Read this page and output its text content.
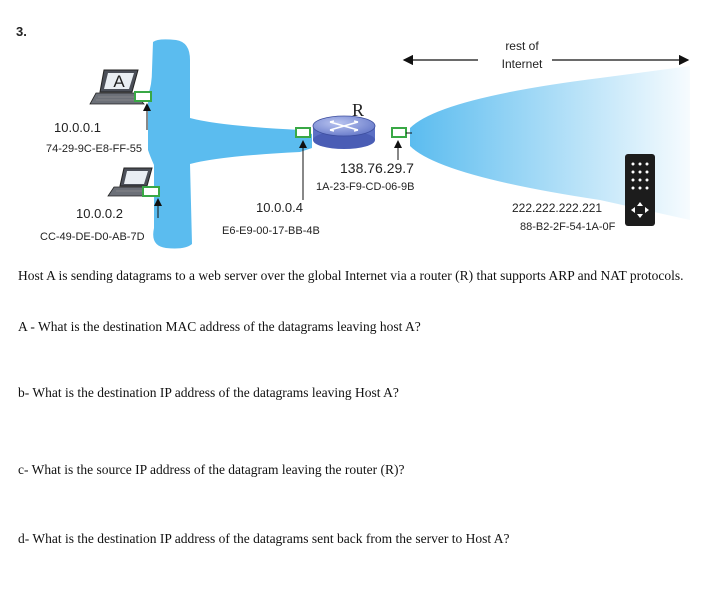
3.
rest of
Internet
A
10.0.0.1
74-29-9C-E8-FF-55
10.0.0.2
CC-49-DE-D0-AB-7D
R
138.76.29.7
1A-23-F9-CD-06-9B
10.0.0.4
E6-E9-00-17-BB-4B
222.222.222.221
88-B2-2F-54-1A-0F

Host A is sending datagrams to a web server over the global Internet via a router (R) that supports ARP and NAT protocols.

A - What is the destination MAC address of the datagrams leaving host A?

b- What is the destination IP address of the datagrams leaving Host A?

c- What is the source IP address of the datagram leaving the router (R)?

d- What is the destination IP address of the datagrams sent back from the server to Host A?
